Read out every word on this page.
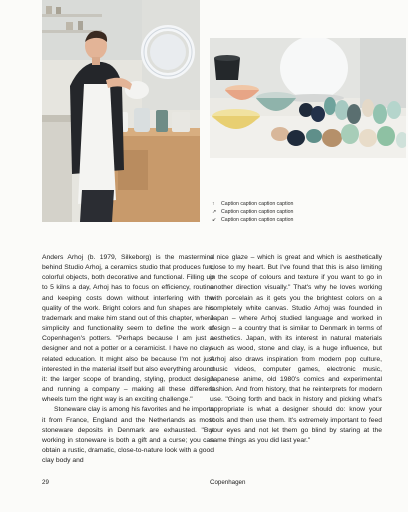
↑	Caption caption caption caption
↗ Caption caption caption caption
↙ Caption caption caption caption

Anders Arhoj (b. 1979, Silkeborg) is the mastermind behind Studio Arhoj, a ceramics studio that produces fun, colorful objects, both decorative and functional. Filling up to 5 kilns a day, Arhoj has to focus on efficiency, routine and keeping costs down without interfering with the quality of the work. Bright colors and fun shapes are his trademark and make him stand out of this chapter, where simplicity and functionality seem to define the work of Copenhagen's potters. "Perhaps because I am just a designer and not a potter or a ceramicist. I have no clay-related education. It might also be because I'm not just interested in the material itself but also everything around it: the larger scope of branding, styling, product design and running a company – making all these different wheels turn the right way is an exciting challenge."

Stoneware clay is among his favorites and he imports it from France, England and the Netherlands as most stoneware deposits in Denmark are exhausted. "But working in stoneware is both a gift and a curse; you can obtain a rustic, dramatic, close-to-nature look with a good clay body and

a nice glaze – which is great and which is aesthetically close to my heart. But I've found that this is also limiting in the scope of colours and texture if you want to go in another direction visually." That's why he loves working with porcelain as it gets you the brightest colors on a completely white canvas. Studio Arhoj was founded in Japan – where Arhoj studied language and worked in design – a country that is similar to Denmark in terms of aesthetics. Japan, with its interest in natural materials such as wood, stone and clay, is a huge influence, but Arhoj also draws inspiration from modern pop culture, music videos, computer games, electronic music, Japanese anime, old 1980's comics and experimental fashion. And from history, that he reinterprets for modern use. "Going forth and back in history and picking what's appropriate is what a designer should do: know your tools and then use them. It's extremely important to feed your eyes and not let them go blind by staring at the same things as you did last year."

29	Copenhagen
